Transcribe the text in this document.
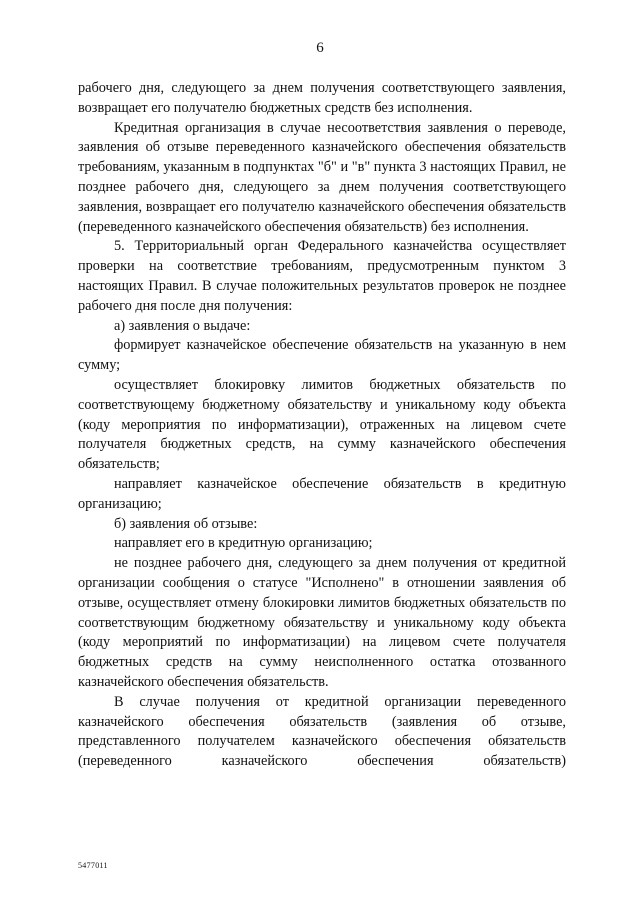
6

рабочего дня, следующего за днем получения соответствующего заявления, возвращает его получателю бюджетных средств без исполнения.

Кредитная организация в случае несоответствия заявления о переводе, заявления об отзыве переведенного казначейского обеспечения обязательств требованиям, указанным в подпунктах "б" и "в" пункта 3 настоящих Правил, не позднее рабочего дня, следующего за днем получения соответствующего заявления, возвращает его получателю казначейского обеспечения обязательств (переведенного казначейского обеспечения обязательств) без исполнения.

5. Территориальный орган Федерального казначейства осуществляет проверки на соответствие требованиям, предусмотренным пунктом 3 настоящих Правил. В случае положительных результатов проверок не позднее рабочего дня после дня получения:

а) заявления о выдаче:

формирует казначейское обеспечение обязательств на указанную в нем сумму;

осуществляет блокировку лимитов бюджетных обязательств по соответствующему бюджетному обязательству и уникальному коду объекта (коду мероприятия по информатизации), отраженных на лицевом счете получателя бюджетных средств, на сумму казначейского обеспечения обязательств;

направляет казначейское обеспечение обязательств в кредитную организацию;

б) заявления об отзыве:

направляет его в кредитную организацию;

не позднее рабочего дня, следующего за днем получения от кредитной организации сообщения о статусе "Исполнено" в отношении заявления об отзыве, осуществляет отмену блокировки лимитов бюджетных обязательств по соответствующим бюджетному обязательству и уникальному коду объекта (коду мероприятий по информатизации) на лицевом счете получателя бюджетных средств на сумму неисполненного остатка отозванного казначейского обеспечения обязательств.

В случае получения от кредитной организации переведенного казначейского обеспечения обязательств (заявления об отзыве, представленного получателем казначейского обеспечения обязательств (переведенного казначейского обеспечения обязательств)

5477011
